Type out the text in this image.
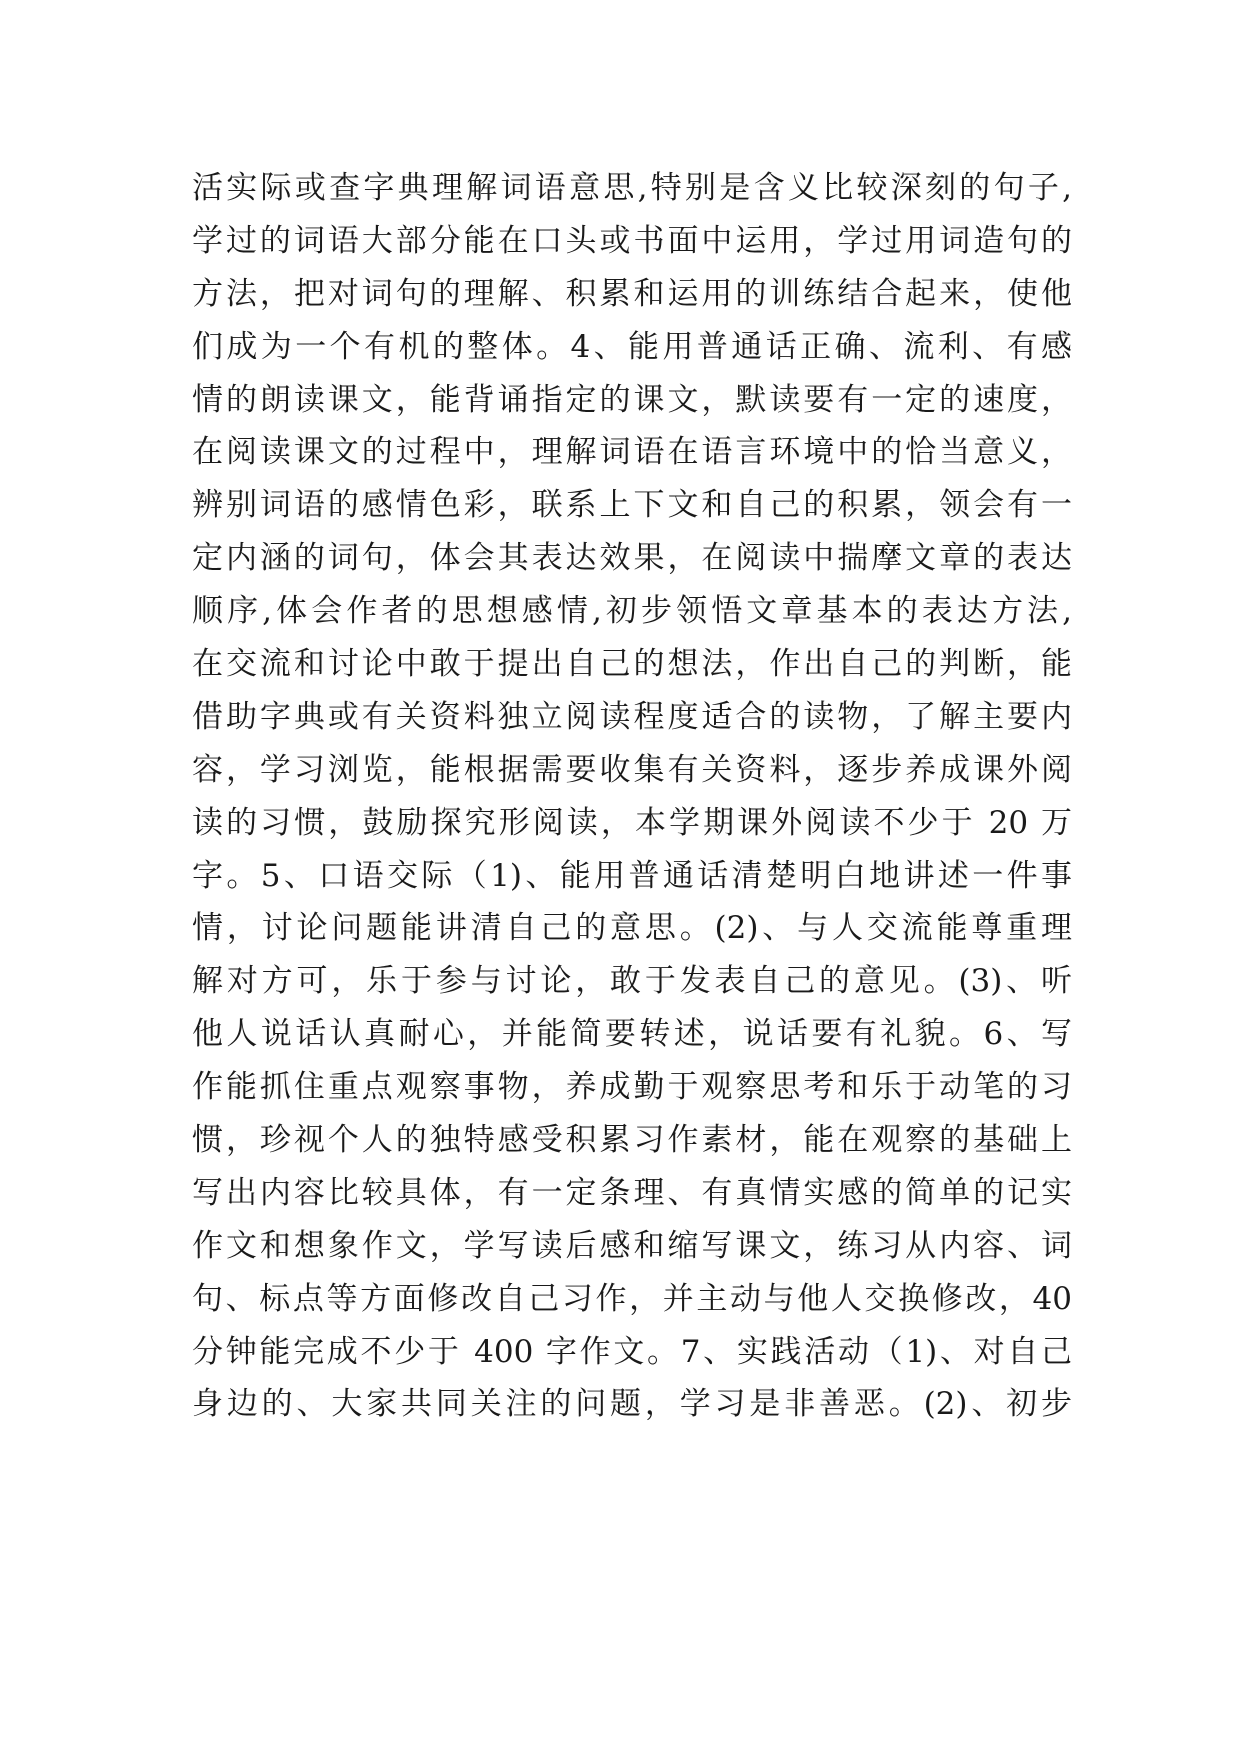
活实际或查字典理解词语意思,特别是含义比较深刻的句子,
学过的词语大部分能在口头或书面中运用，学过用词造句的
方法，把对词句的理解、积累和运用的训练结合起来，使他
们成为一个有机的整体。4、能用普通话正确、流利、有感
情的朗读课文，能背诵指定的课文，默读要有一定的速度，
在阅读课文的过程中，理解词语在语言环境中的恰当意义，
辨别词语的感情色彩，联系上下文和自己的积累，领会有一
定内涵的词句，体会其表达效果，在阅读中揣摩文章的表达
顺序,体会作者的思想感情,初步领悟文章基本的表达方法,
在交流和讨论中敢于提出自己的想法，作出自己的判断，能
借助字典或有关资料独立阅读程度适合的读物，了解主要内
容，学习浏览，能根据需要收集有关资料，逐步养成课外阅
读的习惯，鼓励探究形阅读，本学期课外阅读不少于 20 万
字。5、口语交际（1)、能用普通话清楚明白地讲述一件事
情，讨论问题能讲清自己的意思。(2)、与人交流能尊重理
解对方可，乐于参与讨论，敢于发表自己的意见。(3)、听
他人说话认真耐心，并能简要转述，说话要有礼貌。6、写
作能抓住重点观察事物，养成勤于观察思考和乐于动笔的习
惯，珍视个人的独特感受积累习作素材，能在观察的基础上
写出内容比较具体，有一定条理、有真情实感的简单的记实
作文和想象作文，学写读后感和缩写课文，练习从内容、词
句、标点等方面修改自己习作，并主动与他人交换修改，40
分钟能完成不少于 400 字作文。7、实践活动（1)、对自己
身边的、大家共同关注的问题，学习是非善恶。(2)、初步
